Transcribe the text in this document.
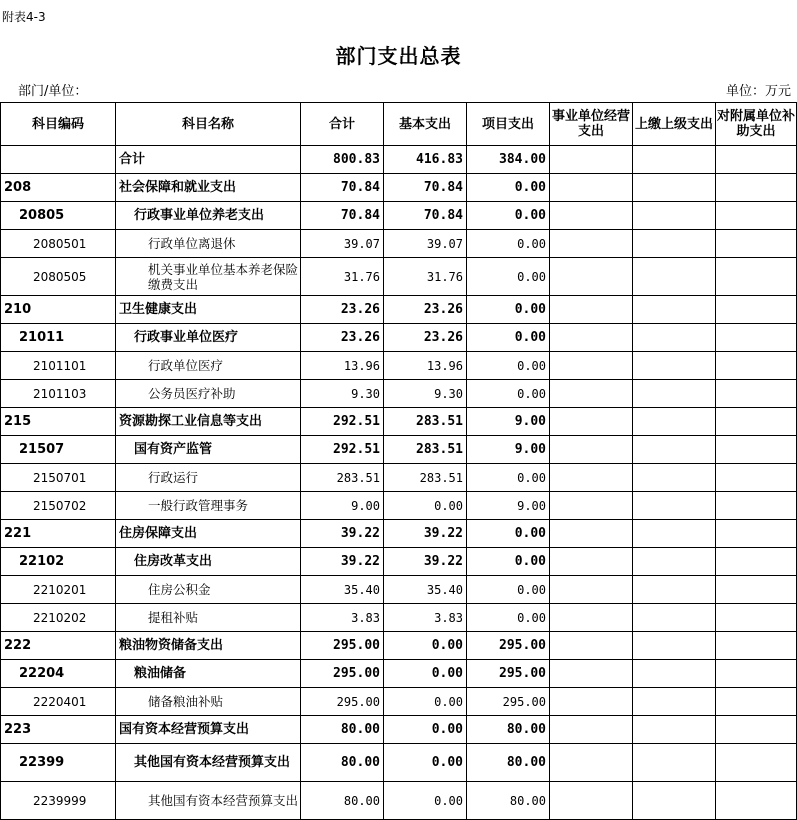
附表4-3
部门支出总表
部门/单位：	单位：万元
科目编码	科目名称	合计	基本支出	项目支出	事业单位经营支出	上缴上级支出	对附属单位补助支出
	合计	800.83	416.83	384.00			
208	社会保障和就业支出	70.84	70.84	0.00			
20805	行政事业单位养老支出	70.84	70.84	0.00			
2080501	行政单位离退休	39.07	39.07	0.00			
2080505	机关事业单位基本养老保险缴费支出	31.76	31.76	0.00			
210	卫生健康支出	23.26	23.26	0.00			
21011	行政事业单位医疗	23.26	23.26	0.00			
2101101	行政单位医疗	13.96	13.96	0.00			
2101103	公务员医疗补助	9.30	9.30	0.00			
215	资源勘探工业信息等支出	292.51	283.51	9.00			
21507	国有资产监管	292.51	283.51	9.00			
2150701	行政运行	283.51	283.51	0.00			
2150702	一般行政管理事务	9.00	0.00	9.00			
221	住房保障支出	39.22	39.22	0.00			
22102	住房改革支出	39.22	39.22	0.00			
2210201	住房公积金	35.40	35.40	0.00			
2210202	提租补贴	3.83	3.83	0.00			
222	粮油物资储备支出	295.00	0.00	295.00			
22204	粮油储备	295.00	0.00	295.00			
2220401	储备粮油补贴	295.00	0.00	295.00			
223	国有资本经营预算支出	80.00	0.00	80.00			
22399	其他国有资本经营预算支出	80.00	0.00	80.00			
2239999	其他国有资本经营预算支出	80.00	0.00	80.00			
